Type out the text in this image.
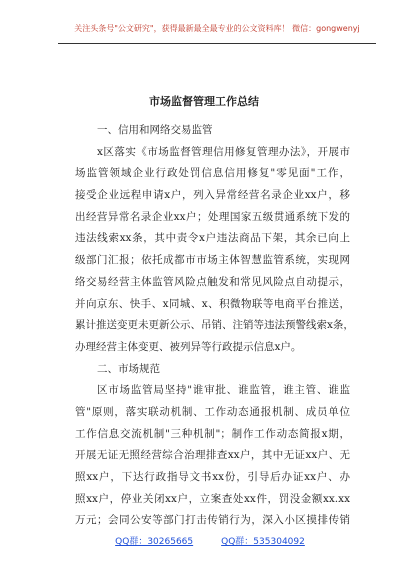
关注头条号"公文研究"，获得最新最全最专业的公文资料库！ 微信：gongwenyj
市场监督管理工作总结
一、信用和网络交易监管
x区落实《市场监督管理信用修复管理办法》，开展市
场监管领域企业行政处罚信息信用修复"零见面"工作，
接受企业远程申请x户，列入异常经营名录企业xx户，移
出经营异常名录企业xx户；处理国家五级贯通系统下发的
违法线索xx条，其中责令x户违法商品下架，其余已向上
级部门汇报；依托成都市市场主体智慧监管系统，实现网
络交易经营主体监管风险点触发和常见风险点自动提示，
并向京东、快手、x同城、x、积微物联等电商平台推送，
累计推送变更未更新公示、吊销、注销等违法预警线索x条，
办理经营主体变更、被列异等行政提示信息x户。
二、市场规范
区市场监管局坚持"谁审批、谁监管，谁主管、谁监
管"原则，落实联动机制、工作动态通报机制、成员单位
工作信息交流机制"三种机制"；制作工作动态简报x期，
开展无证无照经营综合治理排查xx户，其中无证xx户、无
照xx户，下达行政指导文书xx份，引导后办证xx户、办
照xx户，停业关闭xx户，立案查处xx件，罚没金额xx.xx
万元；会同公安等部门打击传销行为，深入小区摸排传销
QQ群：30265665	QQ群：535304092
